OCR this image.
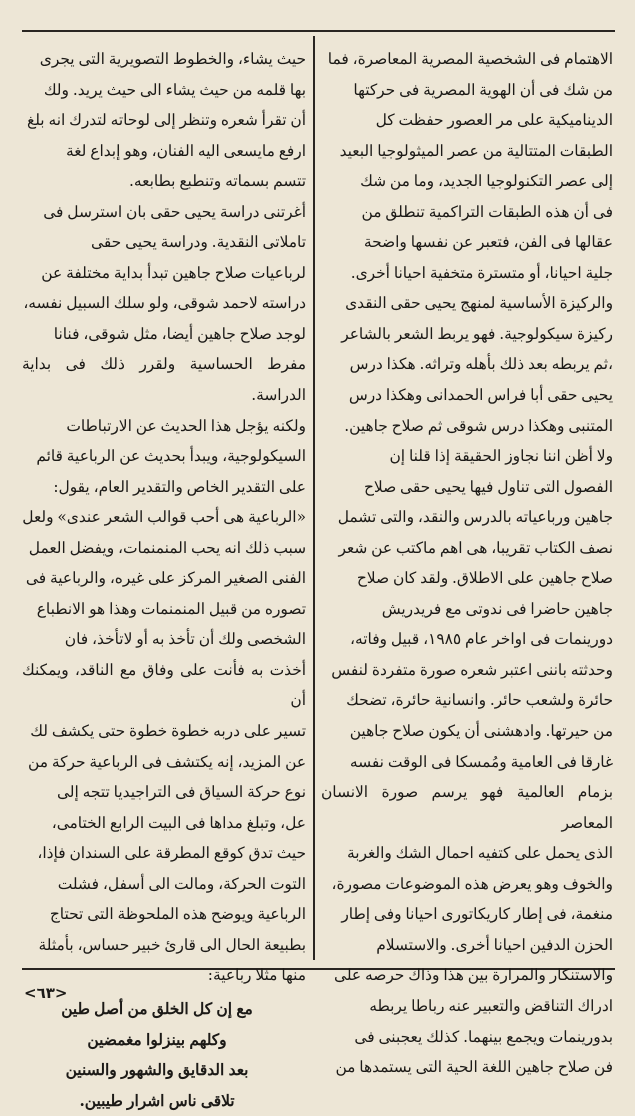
الاهتمام فى الشخصية المصرية المعاصرة، فما

من شك فى أن الهوية المصرية فى حركتها

الديناميكية على مر العصور حفظت كل

الطبقات المتتالية من عصر الميثولوجيا البعيد

إلى عصر التكنولوجيا الجديد، وما من شك

فى أن هذه الطبقات التراكمية تنطلق من

عقالها فى الفن، فتعبر عن نفسها واضحة

جلية احيانا، أو متسترة متخفية احيانا أخرى.

والركيزة الأساسية لمنهج يحيى حقى النقدى

ركيزة سيكولوجية. فهو يربط الشعر بالشاعر

،ثم يربطه بعد ذلك بأهله وتراثه. هكذا درس

يحيى حقى أبا فراس الحمدانى وهكذا درس

المتنبى وهكذا درس شوقى ثم صلاح جاهين.

ولا أظن اننا نجاوز الحقيقة إذا قلنا إن

الفصول التى تناول فيها يحيى حقى صلاح

جاهين ورباعياته بالدرس والنقد، والتى تشمل

نصف الكتاب تقريبا، هى اهم ماكتب عن شعر

صلاح جاهين على الاطلاق. ولقد كان صلاح

جاهين حاضرا فى ندوتى مع فريدريش

دورينمات فى اواخر عام ١٩٨٥، قبيل وفاته،

وحدثته باننى اعتبر شعره صورة متفردة لنفس

حائرة ولشعب حائر. وانسانية حائرة، تضحك

من حيرتها. وادهشنى أن يكون صلاح جاهين

غارقا فى العامية ومُمسكا فى الوقت نفسه

بزمام العالمية فهو يرسم صورة الانسان المعاصر

الذى يحمل على كتفيه احمال الشك والغربة

والخوف وهو يعرض هذه الموضوعات مصورة،

منغمة، فى إطار كاريكاتورى احيانا وفى إطار

الحزن الدفين احيانا أخرى. والاستسلام

والاستنكار والمرارة بين هذا وذاك حرصه على

ادراك التناقض والتعبير عنه رباطا يربطه

بدورينمات ويجمع بينهما. كذلك يعجبنى فى

فن صلاح جاهين اللغة الحية التى يستمدها من

حيث يشاء، والخطوط التصويرية التى يجرى

بها قلمه من حيث يشاء الى حيث يريد. ولك

أن تقرأ شعره وتنظر إلى لوحاته لتدرك انه بلغ

ارفع مايسعى اليه الفنان، وهو إبداع لغة

تتسم بسماته وتنطبع بطابعه.

أغرتنى دراسة يحيى حقى بان استرسل فى

تاملاتى النقدية. ودراسة يحيى حقى

لرباعيات صلاح جاهين تبدأ بداية مختلفة عن

دراسته لاحمد شوقى، ولو سلك السبيل نفسه،

لوجد صلاح جاهين أيضا، مثل شوقى، فنانا

مفرط الحساسية ولقرر ذلك فى بداية الدراسة.

ولكنه يؤجل هذا الحديث عن الارتباطات

السيكولوجية، ويبدأ بحديث عن الرباعية قائم

على التقدير الخاص والتقدير العام، يقول:

«الرباعية هى أحب قوالب الشعر عندى» ولعل

سبب ذلك انه يحب المنمنمات، ويفضل العمل

الفنى الصغير المركز على غيره، والرباعية فى

تصوره من قبيل المنمنمات وهذا هو الانطباع

الشخصى ولك أن تأخذ به أو لاتأخذ، فان

أخذت به فأنت على وفاق مع الناقد، ويمكنك أن

تسير على دربه خطوة خطوة حتى يكشف لك

عن المزيد، إنه يكتشف فى الرباعية حركة من

نوع حركة السياق فى التراجيديا تتجه إلى

عل، وتبلغ مداها فى البيت الرابع الختامى،

حيث تدق كوقع المطرقة على السندان فإذا،

التوت الحركة، ومالت الى أسفل، فشلت

الرباعية ويوضح هذه الملحوظة التى تحتاج

بطبيعة الحال الى قارئ خبير حساس، بأمثلة

منها مثلا رباعية:

مع إن كل الخلق من أصل طين

وكلهم بينزلوا مغمضين

بعد الدقايق والشهور والسنين

تلاقى ناس اشرار طيبين.

<٦٣>
